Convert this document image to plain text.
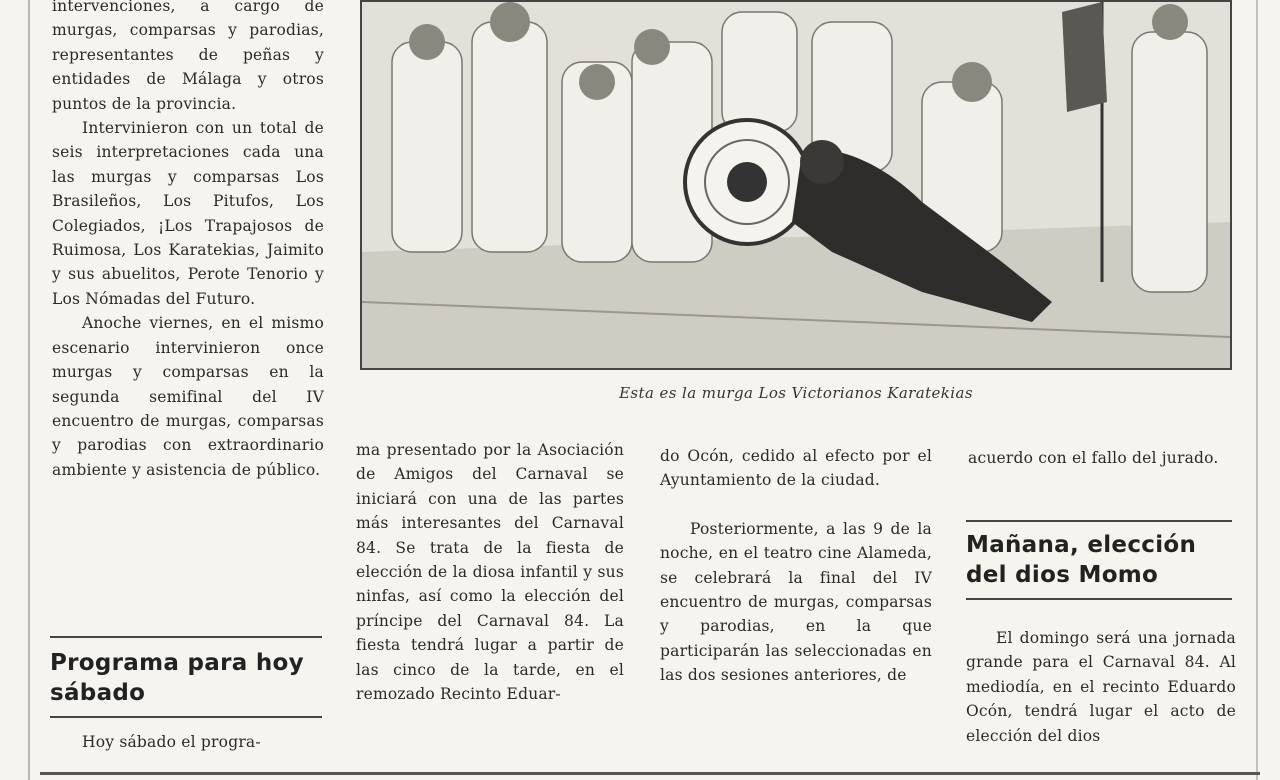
intervenciones, a cargo de murgas, comparsas y parodias, representantes de peñas y entidades de Málaga y otros puntos de la provincia.

Intervinieron con un total de seis interpretaciones cada una las murgas y comparsas Los Brasileños, Los Pitufos, Los Colegiados, ¡Los Trapajosos de Ruimosa, Los Karatekias, Jaimito y sus abuelitos, Perote Tenorio y Los Nómadas del Futuro.

Anoche viernes, en el mismo escenario intervinieron once murgas y comparsas en la segunda semifinal del IV encuentro de murgas, comparsas y parodias con extraordinario ambiente y asistencia de público.

Programa para hoy sábado

Hoy sábado el progra-

Esta es la murga Los Victorianos Karatekias

ma presentado por la Asociación de Amigos del Carnaval se iniciará con una de las partes más interesantes del Carnaval 84. Se trata de la fiesta de elección de la diosa infantil y sus ninfas, así como la elección del príncipe del Carnaval 84. La fiesta tendrá lugar a partir de las cinco de la tarde, en el remozado Recinto Eduar-

do Ocón, cedido al efecto por el Ayuntamiento de la ciudad.

Posteriormente, a las 9 de la noche, en el teatro cine Alameda, se celebrará la final del IV encuentro de murgas, comparsas y parodias, en la que participarán las seleccionadas en las dos sesiones anteriores, de

acuerdo con el fallo del jurado.

Mañana, elección del dios Momo

El domingo será una jornada grande para el Carnaval 84. Al mediodía, en el recinto Eduardo Ocón, tendrá lugar el acto de elección del dios
